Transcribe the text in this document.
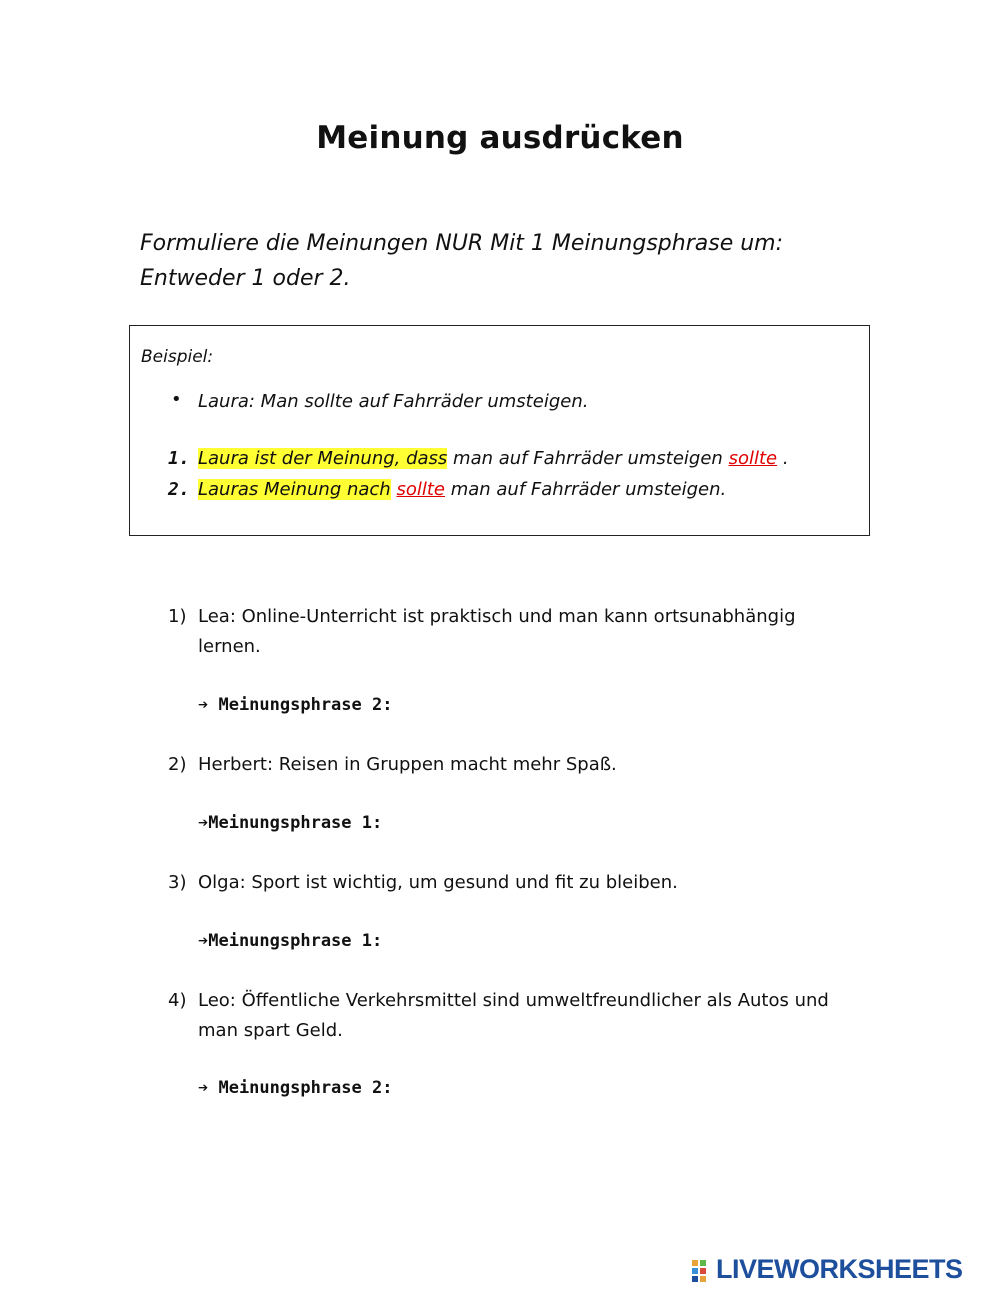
Meinung ausdrücken
Formuliere die Meinungen NUR Mit 1 Meinungsphrase um: Entweder 1 oder 2.
Beispiel:
• Laura: Man sollte auf Fahrräder umsteigen.
1. Laura ist der Meinung, dass man auf Fahrräder umsteigen sollte .
2. Lauras Meinung nach sollte man auf Fahrräder umsteigen.
1) Lea: Online-Unterricht ist praktisch und man kann ortsunabhängig lernen.
➔ Meinungsphrase 2:
2) Herbert: Reisen in Gruppen macht mehr Spaß.
➔Meinungsphrase 1:
3) Olga: Sport ist wichtig, um gesund und fit zu bleiben.
➔Meinungsphrase 1:
4) Leo: Öffentliche Verkehrsmittel sind umweltfreundlicher als Autos und man spart Geld.
➔ Meinungsphrase 2:
LIVEWORKSHEETS
